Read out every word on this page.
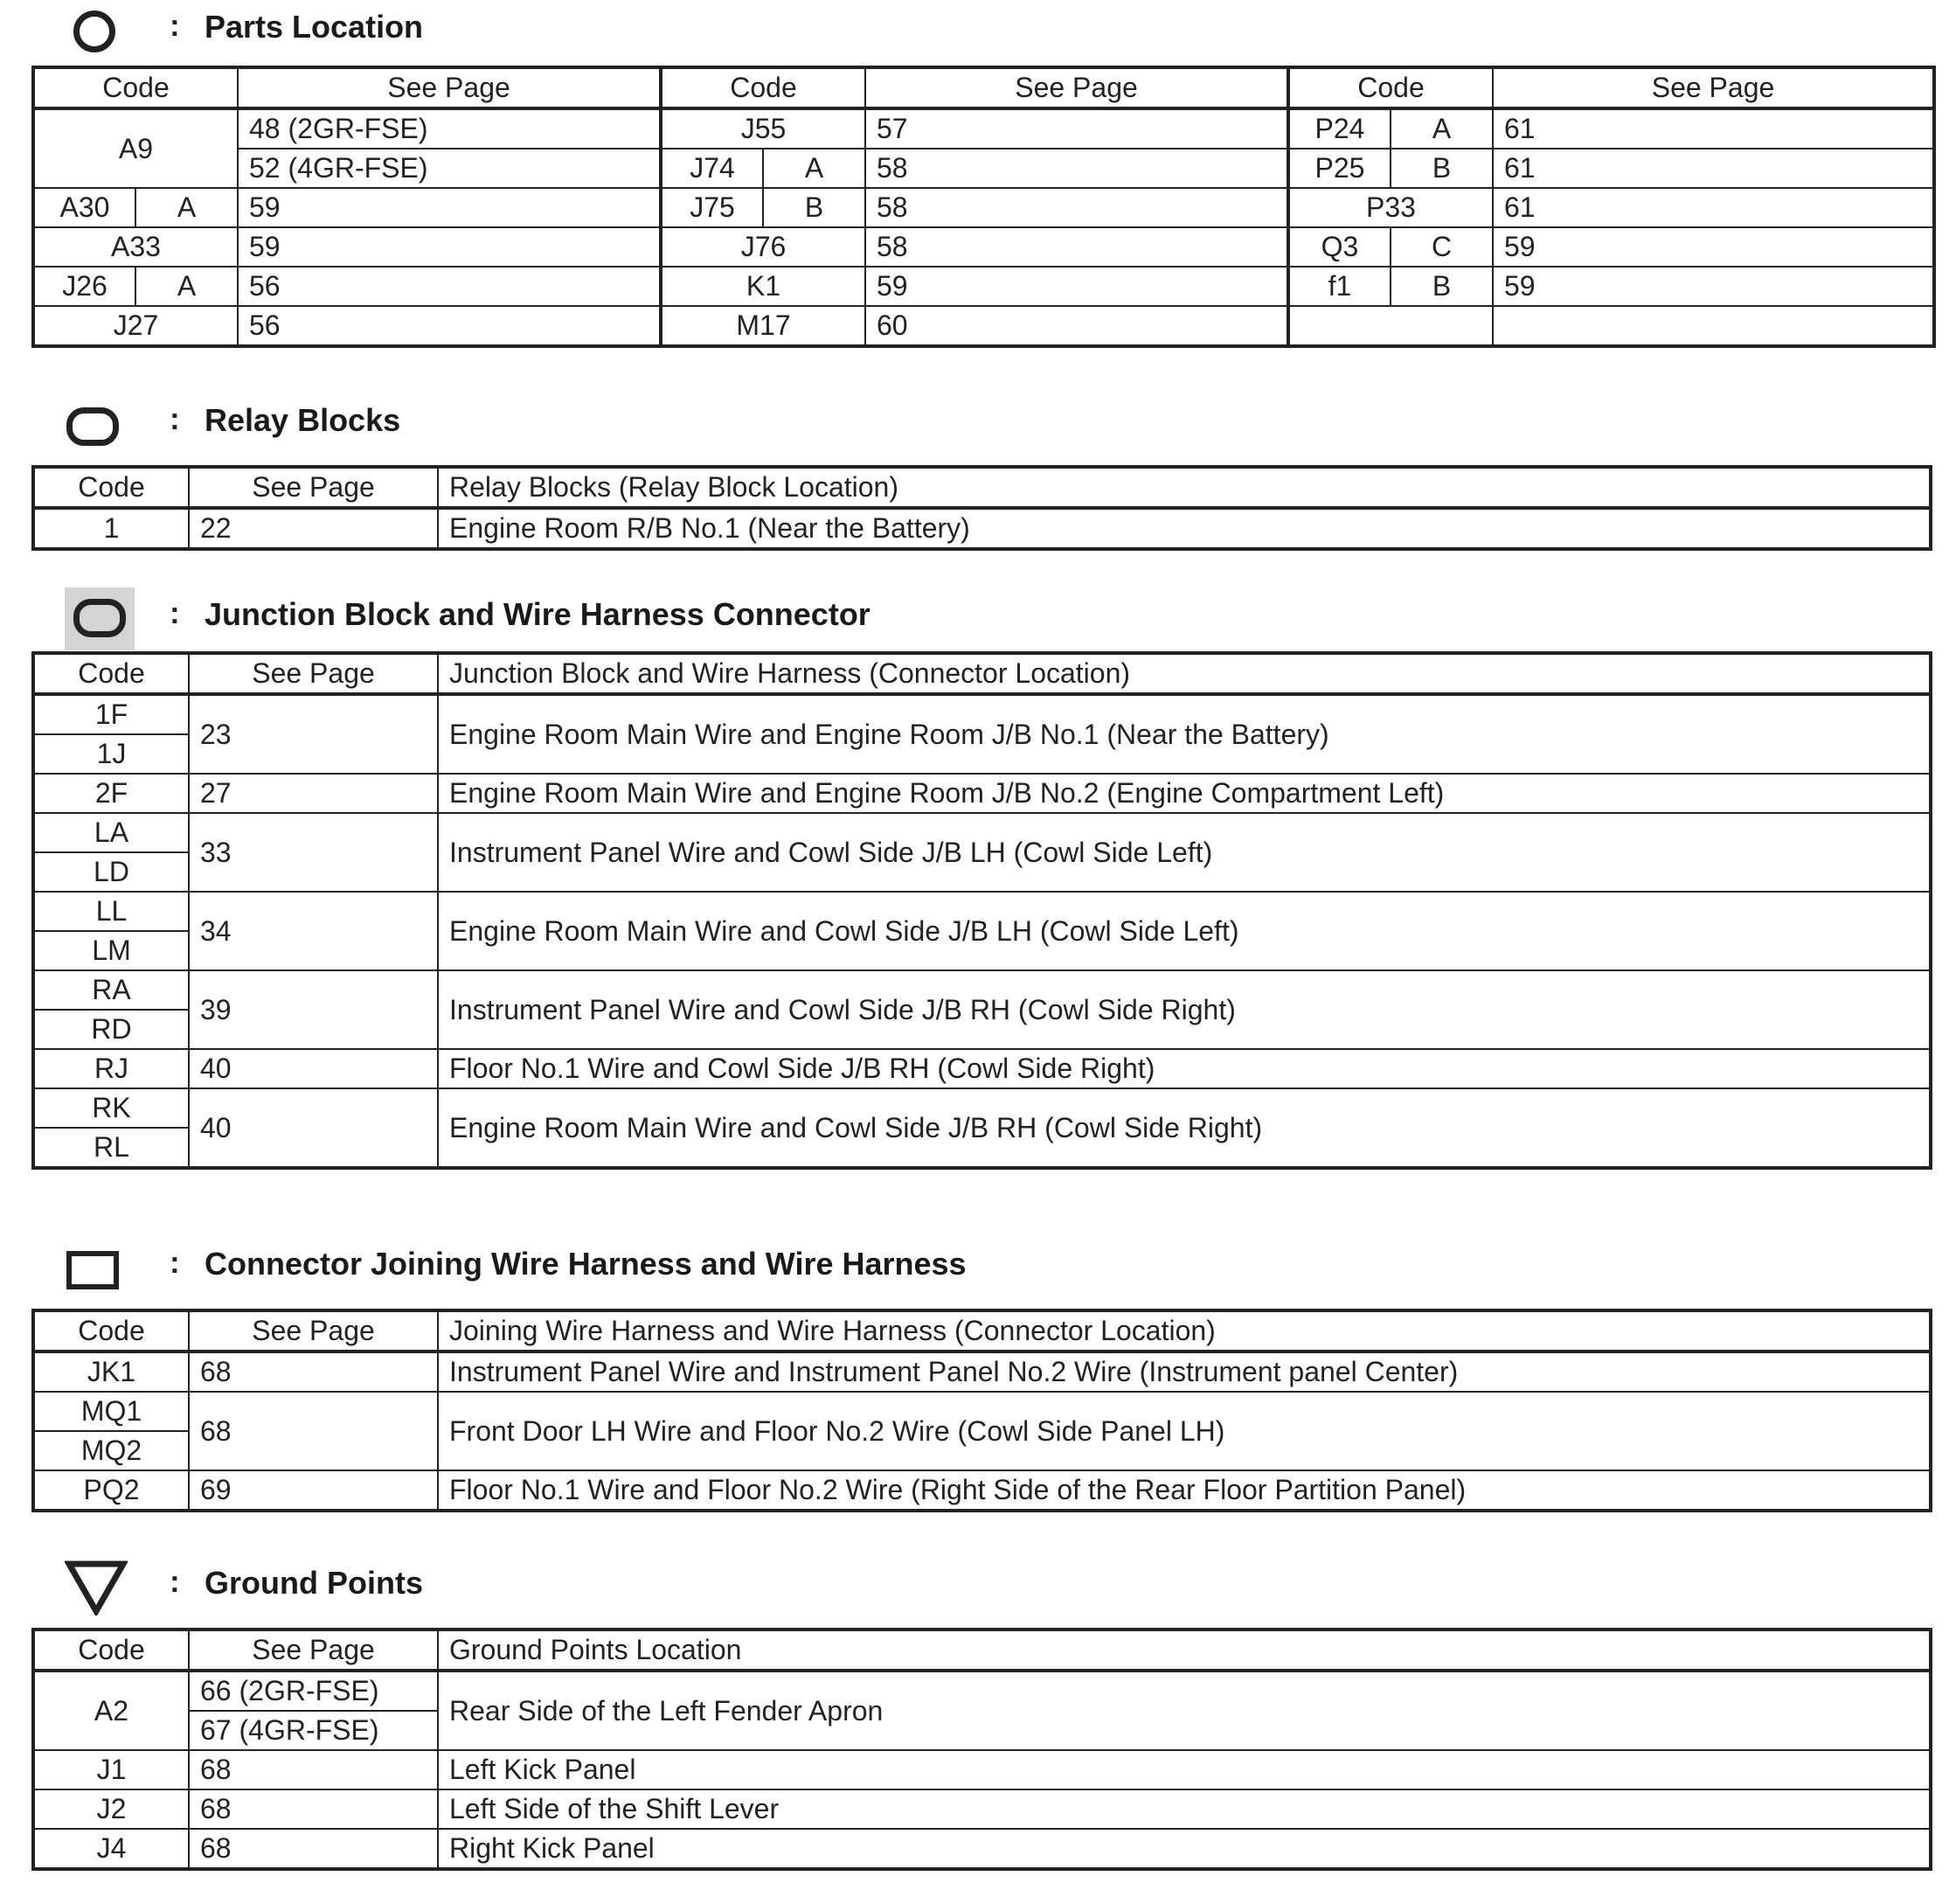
: Parts Location
Code		See Page	Code		See Page	Code		See Page
A9		48 (2GR-FSE)	J55		57	P24	A	61
		52 (4GR-FSE)	J74	A	58	P25	B	61
A30	A	59	J75	B	58	P33		61
A33		59	J76		58	Q3	C	59
J26	A	56	K1		59	f1	B	59
J27		56	M17		60			
: Relay Blocks
Code	See Page	Relay Blocks (Relay Block Location)
1	22	Engine Room R/B No.1 (Near the Battery)
: Junction Block and Wire Harness Connector
Code	See Page	Junction Block and Wire Harness (Connector Location)
1F	23	Engine Room Main Wire and Engine Room J/B No.1 (Near the Battery)
1J		
2F	27	Engine Room Main Wire and Engine Room J/B No.2 (Engine Compartment Left)
LA	33	Instrument Panel Wire and Cowl Side J/B LH (Cowl Side Left)
LD		
LL	34	Engine Room Main Wire and Cowl Side J/B LH (Cowl Side Left)
LM		
RA	39	Instrument Panel Wire and Cowl Side J/B RH (Cowl Side Right)
RD		
RJ	40	Floor No.1 Wire and Cowl Side J/B RH (Cowl Side Right)
RK	40	Engine Room Main Wire and Cowl Side J/B RH (Cowl Side Right)
RL		
: Connector Joining Wire Harness and Wire Harness
Code	See Page	Joining Wire Harness and Wire Harness (Connector Location)
JK1	68	Instrument Panel Wire and Instrument Panel No.2 Wire (Instrument panel Center)
MQ1	68	Front Door LH Wire and Floor No.2 Wire (Cowl Side Panel LH)
MQ2		
PQ2	69	Floor No.1 Wire and Floor No.2 Wire (Right Side of the Rear Floor Partition Panel)
: Ground Points
Code	See Page	Ground Points Location
A2	66 (2GR-FSE)	Rear Side of the Left Fender Apron
	67 (4GR-FSE)	
J1	68	Left Kick Panel
J2	68	Left Side of the Shift Lever
J4	68	Right Kick Panel
